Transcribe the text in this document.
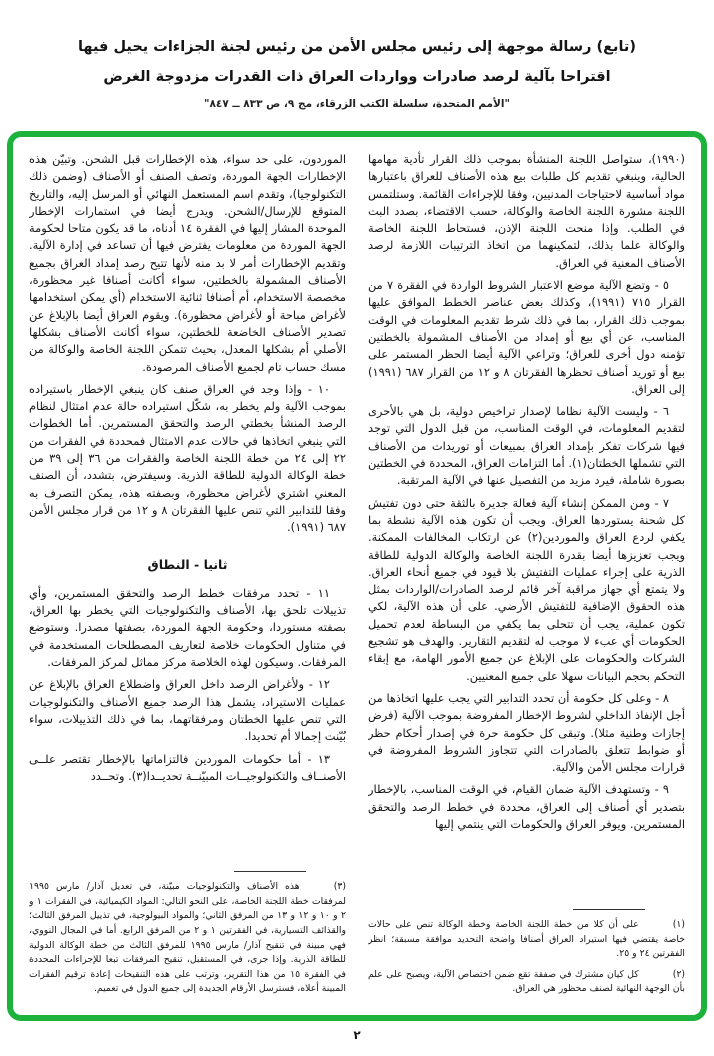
(تابع) رسالة موجهة إلى رئيس مجلس الأمن من رئيس لجنة الجزاءات يحيل فيها
اقتراحا بآلية لرصد صادرات وواردات العراق ذات القدرات مزدوجة الغرض
"الأمم المتحدة، سلسلة الكتب الزرقاء، مج ٩، ص ٨٣٣ ــ ٨٤٧"

(١٩٩٠)، ستواصل اللجنة المنشأة بموجب ذلك القرار تأدية مهامها الحالية، وينبغي تقديم كل طلبات بيع هذه الأصناف للعراق باعتبارها مواد أساسية لاحتياجات المدنيين، وفقا للإجراءات القائمة. وستلتمس اللجنة مشورة اللجنة الخاصة والوكالة، حسب الاقتضاء، بصدد البت في الطلب. وإذا منحت اللجنة الإذن، فستحاط اللجنة الخاصة والوكالة علما بذلك، لتمكينهما من اتخاذ الترتيبات اللازمة لرصد الأصناف المعنية في العراق.

٥ - وتضع الآلية موضع الاعتبار الشروط الواردة في الفقرة ٧ من القرار ٧١٥ (١٩٩١)، وكذلك بعض عناصر الخطط الموافق عليها بموجب ذلك القرار، بما في ذلك شرط تقديم المعلومات في الوقت المناسب، عن أي بيع أو إمداد من الأصناف المشمولة بالخطتين تؤمنه دول أخرى للعراق؛ وتراعي الآلية أيضا الحظر المستمر على بيع أو توريد أصناف تحظرها الفقرتان ٨ و ١٢ من القرار ٦٨٧ (١٩٩١) إلى العراق.

٦ - وليست الآلية نظاما لإصدار تراخيص دولية، بل هي بالأحرى لتقديم المعلومات، في الوقت المناسب، من قبل الدول التي توجد فيها شركات تفكر بإمداد العراق بمبيعات أو توريدات من الأصناف التي تشملها الخطتان(١). أما التزامات العراق، المحددة في الخطتين بصورة شاملة، فيرد مزيد من التفصيل عنها في الآلية المرتقبة.

٧ - ومن الممكن إنشاء آلية فعالة جديرة بالثقة حتى دون تفتيش كل شحنة يستوردها العراق. ويجب أن تكون هذه الآلية نشطة بما يكفي لردع العراق والموردين(٢) عن ارتكاب المخالفات الممكنة. ويجب تعزيزها أيضا بقدرة اللجنة الخاصة والوكالة الدولية للطاقة الذرية على إجراء عمليات التفتيش بلا قيود في جميع أنحاء العراق. ولا يتمتع أي جهاز مراقبة آخر قائم لرصد الصادرات/الواردات بمثل هذه الحقوق الإضافية للتفتيش الأرضي. على أن هذه الآلية، لكي تكون عملية، يجب أن تتحلى بما يكفي من البساطة لعدم تحميل الحكومات أي عبء لا موجب له لتقديم التقارير. والهدف هو تشجيع الشركات والحكومات على الإبلاغ عن جميع الأمور الهامة، مع إبقاء التحكم بحجم البيانات سهلا على جميع المعنيين.

٨ - وعلى كل حكومة أن تحدد التدابير التي يجب عليها اتخاذها من أجل الإنفاذ الداخلي لشروط الإخطار المفروضة بموجب الآلية (فرض إجازات وطنية مثلا). وتبقى كل حكومة حرة في إصدار أحكام حظر أو ضوابط تتعلق بالصادرات التي تتجاوز الشروط المفروضة في قرارات مجلس الأمن والآلية.

٩ - وتستهدف الآلية ضمان القيام، في الوقت المناسب، بالإخطار بتصدير أي أصناف إلى العراق، محددة في خطط الرصد والتحقق المستمرين. ويوفر العراق والحكومات التي ينتمي إليها

(١)على أن كلا من خطة اللجنة الخاصة وخطة الوكالة تنص على حالات خاصة يقتضي فيها استيراد العراق أصنافا واضحة التحديد موافقة مسبقة؛ انظر الفقرتين ٢٤ و ٢٥.
(٢)كل كيان مشترك في صفقة تقع ضمن اختصاص الآلية، ويصبح على علم بأن الوجهة النهائية لصنف محظور هي العراق.

الموردون، على حد سواء، هذه الإخطارات قبل الشحن. وتبيّن هذه الإخطارات الجهة الموردة، وتصف الصنف أو الأصناف (وضمن ذلك التكنولوجيا)، وتقدم اسم المستعمل النهائي أو المرسل إليه، والتاريخ المتوقع للإرسال/الشحن. ويدرج أيضا في استمارات الإخطار الموحدة المشار إليها في الفقرة ١٤ أدناه، ما قد يكون متاحا لحكومة الجهة الموردة من معلومات يفترض فيها أن تساعد في إدارة الآلية. وتقديم الإخطارات أمر لا بد منه لأنها تتيح رصد إمداد العراق بجميع الأصناف المشمولة بالخطتين، سواء أكانت أصنافا غير محظورة، مخصصة الاستخدام، أم أصنافا ثنائية الاستخدام (أي يمكن استخدامها لأغراض مباحة أو لأغراض محظورة). ويقوم العراق أيضا بالإبلاغ عن تصدير الأصناف الخاضعة للخطتين، سواء أكانت الأصناف بشكلها الأصلي أم بشكلها المعدل، بحيث تتمكن اللجنة الخاصة والوكالة من مسك حساب تام لجميع الأصناف المرصودة.

١٠ - وإذا وجد في العراق صنف كان ينبغي الإخطار باستيراده بموجب الآلية ولم يخطر به، شكّل استيراده حالة عدم امتثال لنظام الرصد المنشأ بخطتي الرصد والتحقق المستمرين. أما الخطوات التي ينبغي اتخاذها في حالات عدم الامتثال فمحددة في الفقرات من ٢٢ إلى ٢٤ من خطة اللجنة الخاصة والفقرات من ٣٦ إلى ٣٩ من خطة الوكالة الدولية للطاقة الذرية. وسيفترض، بتشدد، أن الصنف المعني اشتري لأغراض محظورة، وبصفته هذه، يمكن التصرف به وفقا للتدابير التي تنص عليها الفقرتان ٨ و ١٢ من قرار مجلس الأمن ٦٨٧ (١٩٩١).

ثانيا - النطاق

١١ - تحدد مرفقات خطط الرصد والتحقق المستمرين، وأي تذييلات تلحق بها، الأصناف والتكنولوجيات التي يخطر بها العراق، بصفته مستوردا، وحكومة الجهة الموردة، بصفتها مصدرا. وستوضع في متناول الحكومات خلاصة لتعاريف المصطلحات المستخدمة في المرفقات. وسيكون لهذه الخلاصة مركز مماثل لمركز المرفقات.

١٢ - ولأغراض الرصد داخل العراق واضطلاع العراق بالإبلاغ عن عمليات الاستيراد، يشمل هذا الرصد جميع الأصناف والتكنولوجيات التي تنص عليها الخطتان ومرفقاتهما، بما في ذلك التذييلات، سواء بُيّنت إجمالا أم تحديدا.

١٣ - أما حكومات الموردين فالتزاماتها بالإخطار تقتصر علــى الأصنــاف والتكنولوجيــات المبيّنــة تحديــدا(٣). وتحــدد

(٣)هذه الأصناف والتكنولوجيات مبيّنة، في تعديل آذار/ مارس ١٩٩٥ لمرفقات خطة اللجنة الخاصة، على النحو التالي: المواد الكيميائية، في الفقرات ١ و ٢ و ١٠ و ١٢ و ١٣ من المرفق الثاني؛ والمواد البيولوجية، في تذييل المرفق الثالث؛ والقذائف التسيارية، في الفقرتين ١ و ٢ من المرفق الرابع. أما في المجال النووي، فهي مبينة في تنقيح آذار/ مارس ١٩٩٥ للمرفق الثالث من خطة الوكالة الدولية للطاقة الذرية. وإذا جرى، في المستقبل، تنقيح المرفقات تبعا للإجراءات المحددة في الفقرة ١٥ من هذا التقرير، وترتب على هذه التنقيحات إعادة ترقيم الفقرات المبينة أعلاه، فسترسل الأرقام الجديدة إلى جميع الدول في تعميم.
٢
